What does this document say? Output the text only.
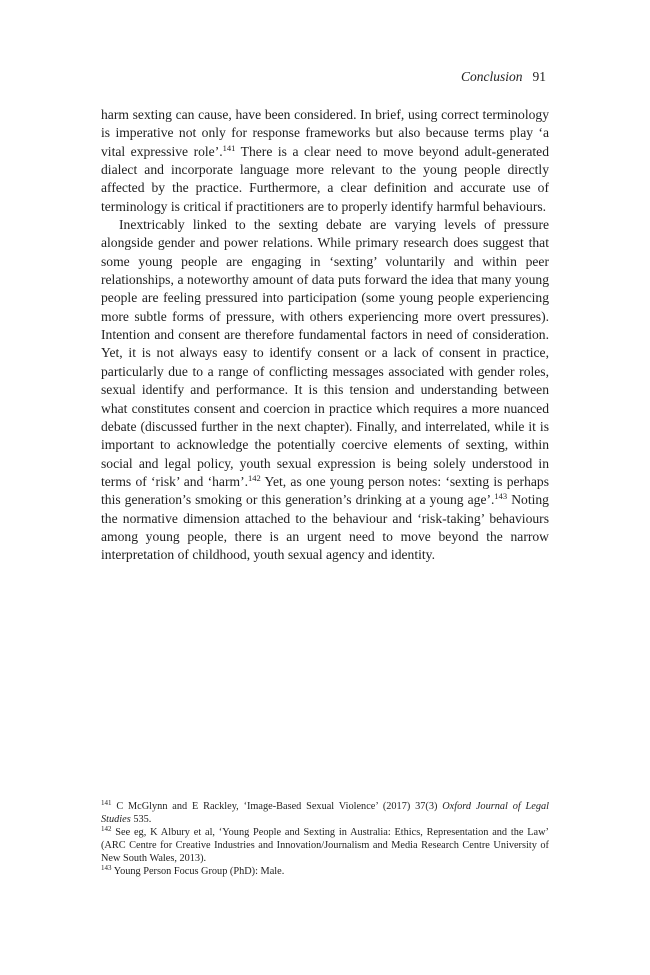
Conclusion 91

harm sexting can cause, have been considered. In brief, using correct terminology is imperative not only for response frameworks but also because terms play ‘a vital expressive role’.$^{141}$ There is a clear need to move beyond adult-generated dialect and incorporate language more relevant to the young people directly affected by the practice. Furthermore, a clear definition and accurate use of terminology is critical if practitioners are to properly identify harmful behaviours.

Inextricably linked to the sexting debate are varying levels of pressure alongside gender and power relations. While primary research does suggest that some young people are engaging in ‘sexting’ voluntarily and within peer relationships, a noteworthy amount of data puts forward the idea that many young people are feeling pressured into participation (some young people experiencing more subtle forms of pressure, with others experiencing more overt pressures). Intention and consent are therefore fundamental factors in need of consideration. Yet, it is not always easy to identify consent or a lack of consent in practice, particularly due to a range of conflicting messages associated with gender roles, sexual identify and performance. It is this tension and understanding between what constitutes consent and coercion in practice which requires a more nuanced debate (discussed further in the next chapter). Finally, and interrelated, while it is important to acknowledge the potentially coercive elements of sexting, within social and legal policy, youth sexual expression is being solely understood in terms of ‘risk’ and ‘harm’.$^{142}$ Yet, as one young person notes: ‘sexting is perhaps this generation’s smoking or this generation’s drinking at a young age’.$^{143}$ Noting the normative dimension attached to the behaviour and ‘risk-taking’ behaviours among young people, there is an urgent need to move beyond the narrow interpretation of childhood, youth sexual agency and identity.

$^{141}$ C McGlynn and E Rackley, ‘Image-Based Sexual Violence’ (2017) 37(3) Oxford Journal of Legal Studies 535.

$^{142}$ See eg, K Albury et al, ‘Young People and Sexting in Australia: Ethics, Representation and the Law’ (ARC Centre for Creative Industries and Innovation/Journalism and Media Research Centre University of New South Wales, 2013).

$^{143}$ Young Person Focus Group (PhD): Male.
